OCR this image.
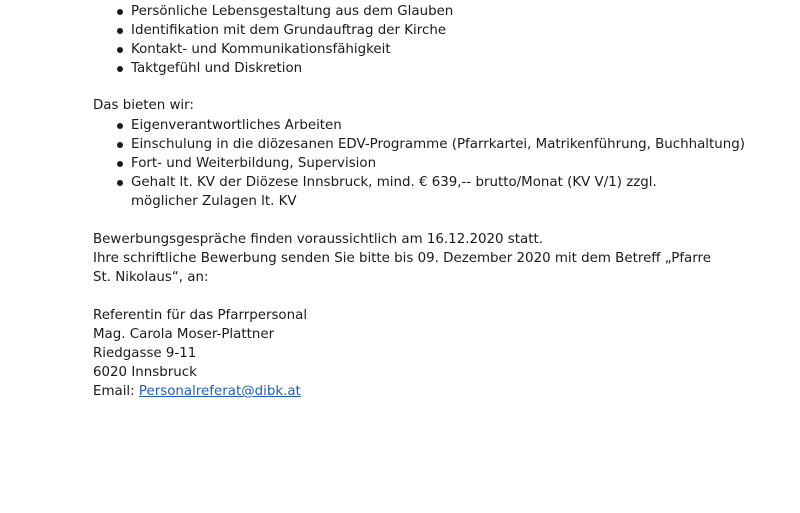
Persönliche Lebensgestaltung aus dem Glauben
Identifikation mit dem Grundauftrag der Kirche
Kontakt- und Kommunikationsfähigkeit
Taktgefühl und Diskretion
Das bieten wir:
Eigenverantwortliches Arbeiten
Einschulung in die diözesanen EDV-Programme (Pfarrkartei, Matrikenführung, Buchhaltung)
Fort- und Weiterbildung, Supervision
Gehalt lt. KV der Diözese Innsbruck, mind. € 639,-- brutto/Monat (KV V/1) zzgl.
möglicher Zulagen lt. KV
Bewerbungsgespräche finden voraussichtlich am 16.12.2020 statt.
Ihre schriftliche Bewerbung senden Sie bitte bis 09. Dezember 2020 mit dem Betreff „Pfarre
St. Nikolaus“, an:
Referentin für das Pfarrpersonal
Mag. Carola Moser-Plattner
Riedgasse 9-11
6020 Innsbruck
Email: Personalreferat@dibk.at
